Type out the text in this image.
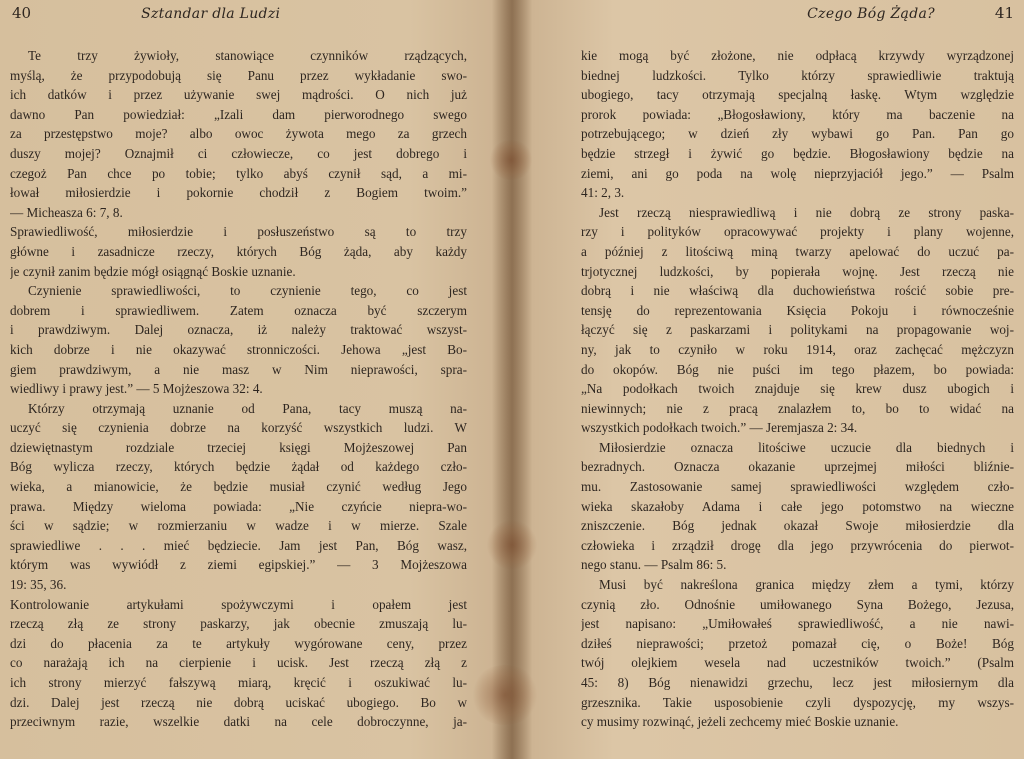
40	Sztandar dla Ludzi
Te trzy żywioły, stanowiące czynników rządzących,
myślą, że przypodobują się Panu przez wykładanie swo-
ich datków i przez używanie swej mądrości. O nich już
dawno Pan powiedział: „Izali dam pierworodnego swego
za przestępstwo moje? albo owoc żywota mego za grzech
duszy mojej? Oznajmił ci człowiecze, co jest dobrego i
czegoż Pan chce po tobie; tylko abyś czynił sąd, a mi-
łował miłosierdzie i pokornie chodził z Bogiem twoim.”
— Micheasza 6: 7, 8.
Sprawiedliwość, miłosierdzie i posłuszeństwo są to trzy
główne i zasadnicze rzeczy, których Bóg żąda, aby każdy
je czynił zanim będzie mógł osiągnąć Boskie uznanie.
Czynienie sprawiedliwości, to czynienie tego, co jest
dobrem i sprawiedliwem. Zatem oznacza być szczerym
i prawdziwym. Dalej oznacza, iż należy traktować wszyst-
kich dobrze i nie okazywać stronniczości. Jehowa „jest Bo-
giem prawdziwym, a nie masz w Nim nieprawości, spra-
wiedliwy i prawy jest.” — 5 Mojżeszowa 32: 4.
Którzy otrzymają uznanie od Pana, tacy muszą na-
uczyć się czynienia dobrze na korzyść wszystkich ludzi. W
dziewiętnastym rozdziale trzeciej księgi Mojżeszowej Pan
Bóg wylicza rzeczy, których będzie żądał od każdego czło-
wieka, a mianowicie, że będzie musiał czynić według Jego
prawa. Między wieloma powiada: „Nie czyńcie niepra-wo-
ści w sądzie; w rozmierzaniu w wadze i w mierze. Szale
sprawiedliwe . . . mieć będziecie. Jam jest Pan, Bóg wasz,
którym was wywiódł z ziemi egipskiej.” — 3 Mojżeszowa
19: 35, 36.
Kontrolowanie artykułami spożywczymi i opałem jest
rzeczą złą ze strony paskarzy, jak obecnie zmuszają lu-
dzi do płacenia za te artykuły wygórowane ceny, przez
co narażają ich na cierpienie i ucisk. Jest rzeczą złą z
ich strony mierzyć fałszywą miarą, kręcić i oszukiwać lu-
dzi. Dalej jest rzeczą nie dobrą uciskać ubogiego. Bo w
przeciwnym razie, wszelkie datki na cele dobroczynne, ja-
Czego Bóg Żąda?	41
kie mogą być złożone, nie odpłacą krzywdy wyrządzonej
biednej ludzkości. Tylko którzy sprawiedliwie traktują
ubogiego, tacy otrzymają specjalną łaskę. Wtym względzie
prorok powiada: „Błogosławiony, który ma baczenie na
potrzebującego; w dzień zły wybawi go Pan. Pan go
będzie strzegł i żywić go będzie. Błogosławiony będzie na
ziemi, ani go poda na wolę nieprzyjaciół jego.” — Psalm
41: 2, 3.
Jest rzeczą niesprawiedliwą i nie dobrą ze strony paska-
rzy i polityków opracowywać projekty i plany wojenne,
a później z litościwą miną twarzy apelować do uczuć pa-
trjotycznej ludzkości, by popierała wojnę. Jest rzeczą nie
dobrą i nie właściwą dla duchowieństwa rościć sobie pre-
tensję do reprezentowania Księcia Pokoju i równocześnie
łączyć się z paskarzami i politykami na propagowanie woj-
ny, jak to czyniło w roku 1914, oraz zachęcać mężczyzn
do okopów. Bóg nie puści im tego płazem, bo powiada:
„Na podołkach twoich znajduje się krew dusz ubogich i
niewinnych; nie z pracą znalazłem to, bo to widać na
wszystkich podołkach twoich.” — Jeremjasza 2: 34.
Miłosierdzie oznacza litościwe uczucie dla biednych i
bezradnych. Oznacza okazanie uprzejmej miłości bliźnie-
mu. Zastosowanie samej sprawiedliwości względem czło-
wieka skazałoby Adama i całe jego potomstwo na wieczne
zniszczenie. Bóg jednak okazał Swoje miłosierdzie dla
człowieka i zrządził drogę dla jego przywrócenia do pierwot-
nego stanu. — Psalm 86: 5.
Musi być nakreślona granica między złem a tymi, którzy
czynią zło. Odnośnie umiłowanego Syna Bożego, Jezusa,
jest napisano: „Umiłowałeś sprawiedliwość, a nie nawi-
dziłeś nieprawości; przetoż pomazał cię, o Boże! Bóg
twój olejkiem wesela nad uczestników twoich.” (Psalm
45: 8) Bóg nienawidzi grzechu, lecz jest miłosiernym dla
grzesznika. Takie usposobienie czyli dyspozycję, my wszys-
cy musimy rozwinąć, jeżeli zechcemy mieć Boskie uznanie.
